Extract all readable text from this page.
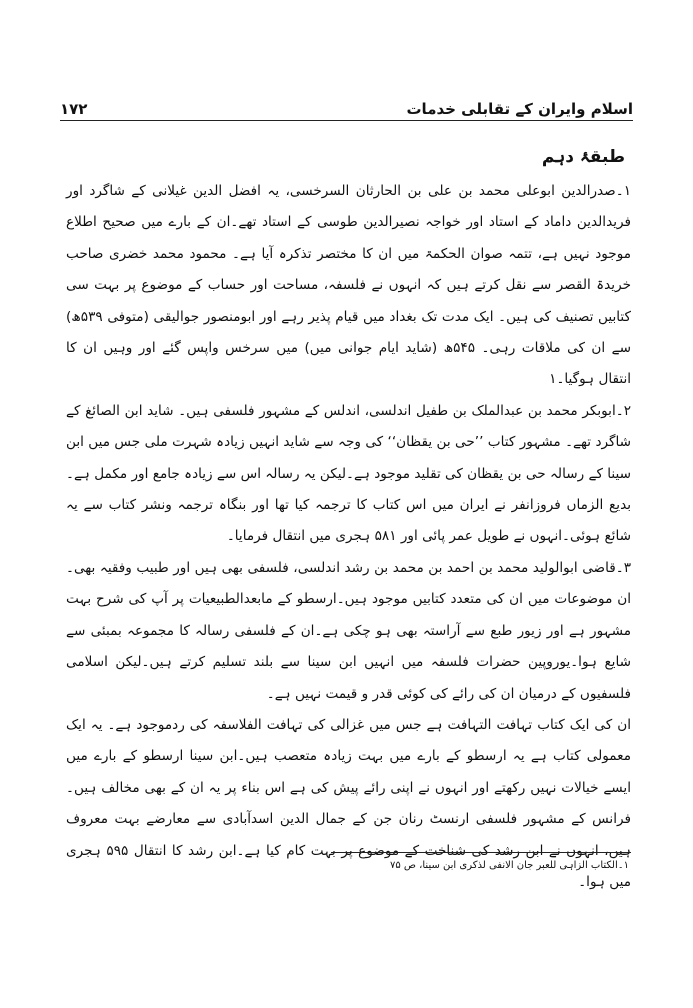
اسلام وایران کے تقابلی خدمات
۱۷۲
طبقۂ دہم

۱۔صدرالدین ابوعلی محمد بن علی بن الحارثان السرخسی، یہ افضل الدین غیلانی کے شاگرد اور فریدالدین داماد کے استاد اور خواجہ نصیرالدین طوسی کے استاد تھے۔ان کے بارے میں صحیح اطلاع موجود نہیں ہے، تتمہ صوان الحکمۃ میں ان کا مختصر تذکرہ آیا ہے۔ محمود محمد خضری صاحب خریدۃ القصر سے نقل کرتے ہیں کہ انہوں نے فلسفہ، مساحت اور حساب کے موضوع پر بہت سی کتابیں تصنیف کی ہیں۔ ایک مدت تک بغداد میں قیام پذیر رہے اور ابومنصور جوالیقی (متوفی ۵۳۹ھ) سے ان کی ملاقات رہی۔ ۵۴۵ھ (شاید ایام جوانی میں) میں سرخس واپس گئے اور وہیں ان کا انتقال ہوگیا۔۱

۲۔ابوبکر محمد بن عبدالملک بن طفیل اندلسی، اندلس کے مشہور فلسفی ہیں۔ شاید ابن الصائغ کے شاگرد تھے۔ مشہور کتاب ’’حی بن یقظان‘‘ کی وجہ سے شاید انہیں زیادہ شہرت ملی جس میں ابن سینا کے رسالہ حی بن یقظان کی تقلید موجود ہے۔لیکن یہ رسالہ اس سے زیادہ جامع اور مکمل ہے۔ بدیع الزماں فروزانفر نے ایران میں اس کتاب کا ترجمہ کیا تھا اور بنگاہ ترجمہ ونشر کتاب سے یہ شائع ہوئی۔انہوں نے طویل عمر پائی اور ۵۸۱ ہجری میں انتقال فرمایا۔

۳۔قاضی ابوالولید محمد بن احمد بن محمد بن رشد اندلسی، فلسفی بھی ہیں اور طبیب وفقیہ بھی۔ان موضوعات میں ان کی متعدد کتابیں موجود ہیں۔ارسطو کے مابعدالطبیعیات پر آپ کی شرح بہت مشہور ہے اور زیور طبع سے آراستہ بھی ہو چکی ہے۔ان کے فلسفی رسالہ کا مجموعہ بمبئی سے شایع ہوا۔یوروپین حضرات فلسفہ میں انہیں ابن سینا سے بلند تسلیم کرتے ہیں۔لیکن اسلامی فلسفیوں کے درمیان ان کی رائے کی کوئی قدر و قیمت نہیں ہے۔

ان کی ایک کتاب تہافت التہافت ہے جس میں غزالی کی تہافت الفلاسفہ کی ردموجود ہے۔ یہ ایک معمولی کتاب ہے یہ ارسطو کے بارے میں بہت زیادہ متعصب ہیں۔ابن سینا ارسطو کے بارے میں ایسے خیالات نہیں رکھتے اور انہوں نے اپنی رائے پیش کی ہے اس بناء پر یہ ان کے بھی مخالف ہیں۔فرانس کے مشہور فلسفی ارنسٹ رنان جن کے جمال الدین اسدآبادی سے معارضے بہت معروف ہیں، انہوں نے ابن رشد کی شناخت کے موضوع پر بہت کام کیا ہے۔ابن رشد کا انتقال ۵۹۵ ہجری میں ہوا۔

۱۔الکتاب الزاہی للعبر جان الانفی لذکری ابن سینا، ص ۷۵
